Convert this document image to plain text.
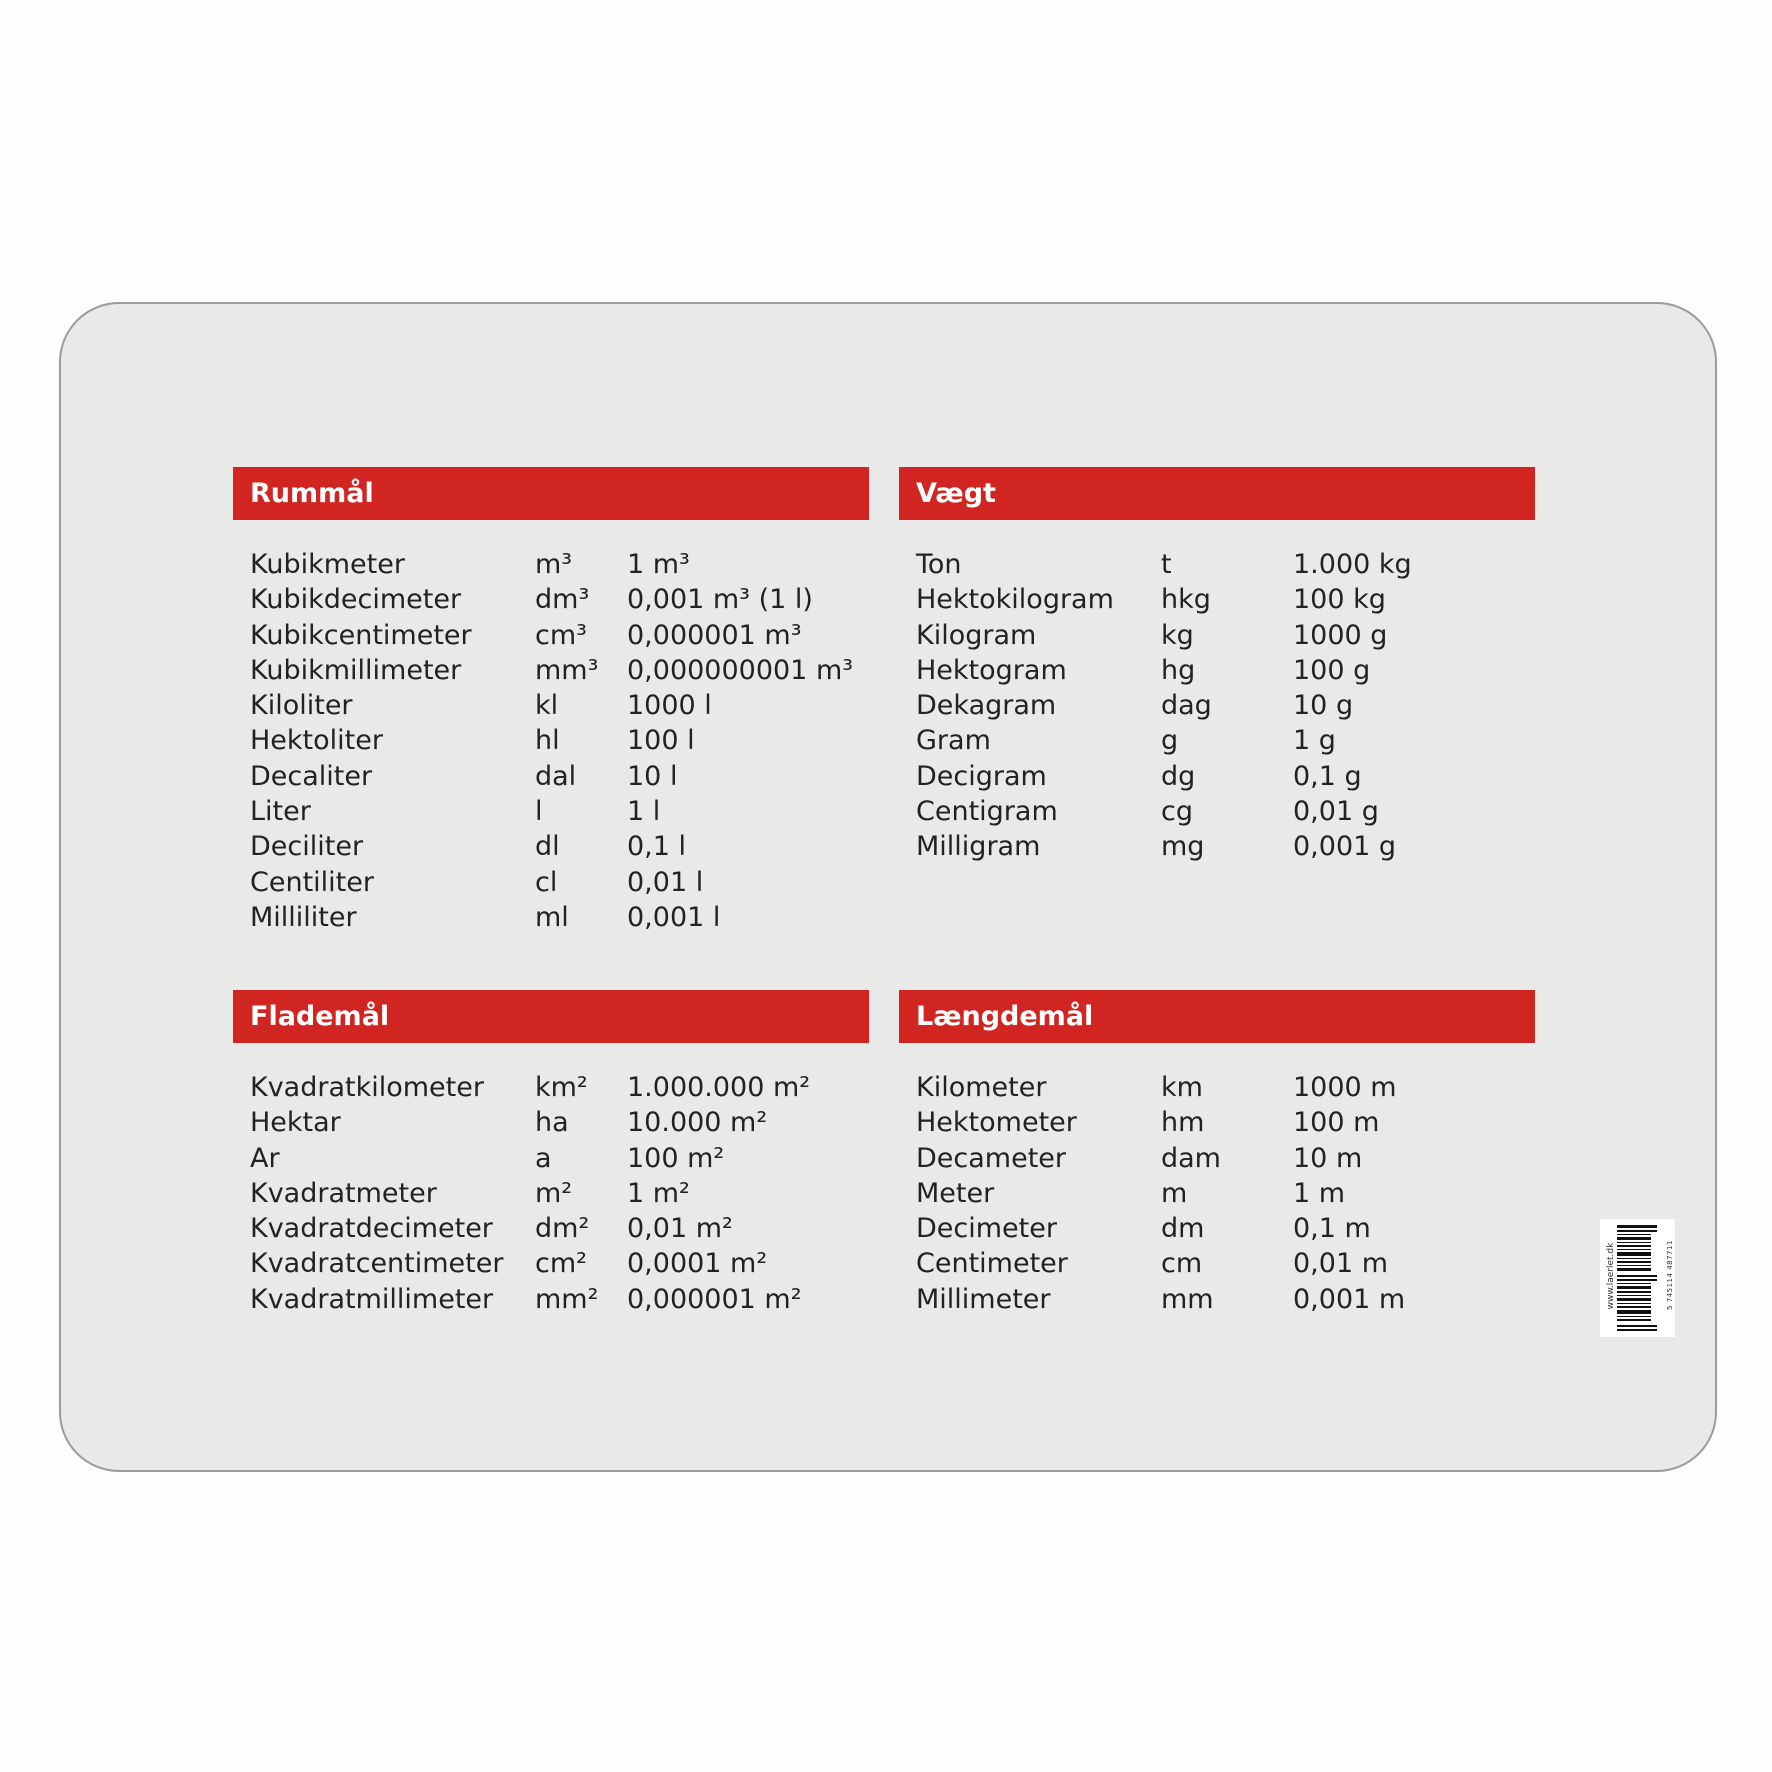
Rummål
Kubikmeter	m³ 1 m³
Kubikdecimeter	dm³ 0,001 m³ (1 l)
Kubikcentimeter cm³ 0,000001 m³
Kubikmillimeter	mm³ 0,000000001 m³
Kiloliter	kl	1000 l
Hektoliter	hl 100 l
Decaliter	dal 10 l
Liter	l	1 l
Deciliter	dl 0,1 l
Centiliter	cl	0,01 l
Milliliter	ml 0,001 l
Vægt
Ton	t	1.000 kg
Hektokilogram hkg	100 kg
Kilogram	kg	1000 g
Hektogram	hg	100 g
Dekagram	dag	10 g
Gram	g	1 g
Decigram	dg	0,1 g
Centigram	cg	0,01 g
Milligram	mg	0,001 g
Flademål
Kvadratkilometer km² 1.000.000 m²
Hektar	ha 10.000 m²
Ar	a	100 m²
Kvadratmeter	m² 1 m²
Kvadratdecimeter dm² 0,01 m²
Kvadratcentimeter cm² 0,0001 m²
Kvadratmillimeter mm² 0,000001 m²
Længdemål
Kilometer	km	1000 m
Hektometer	hm	100 m
Decameter	dam	10 m
Meter	m	1 m
Decimeter	dm	0,1 m
Centimeter	cm	0,01 m
Millimeter	mm	0,001 m	www.laerlet.dk	5 745114 487711
